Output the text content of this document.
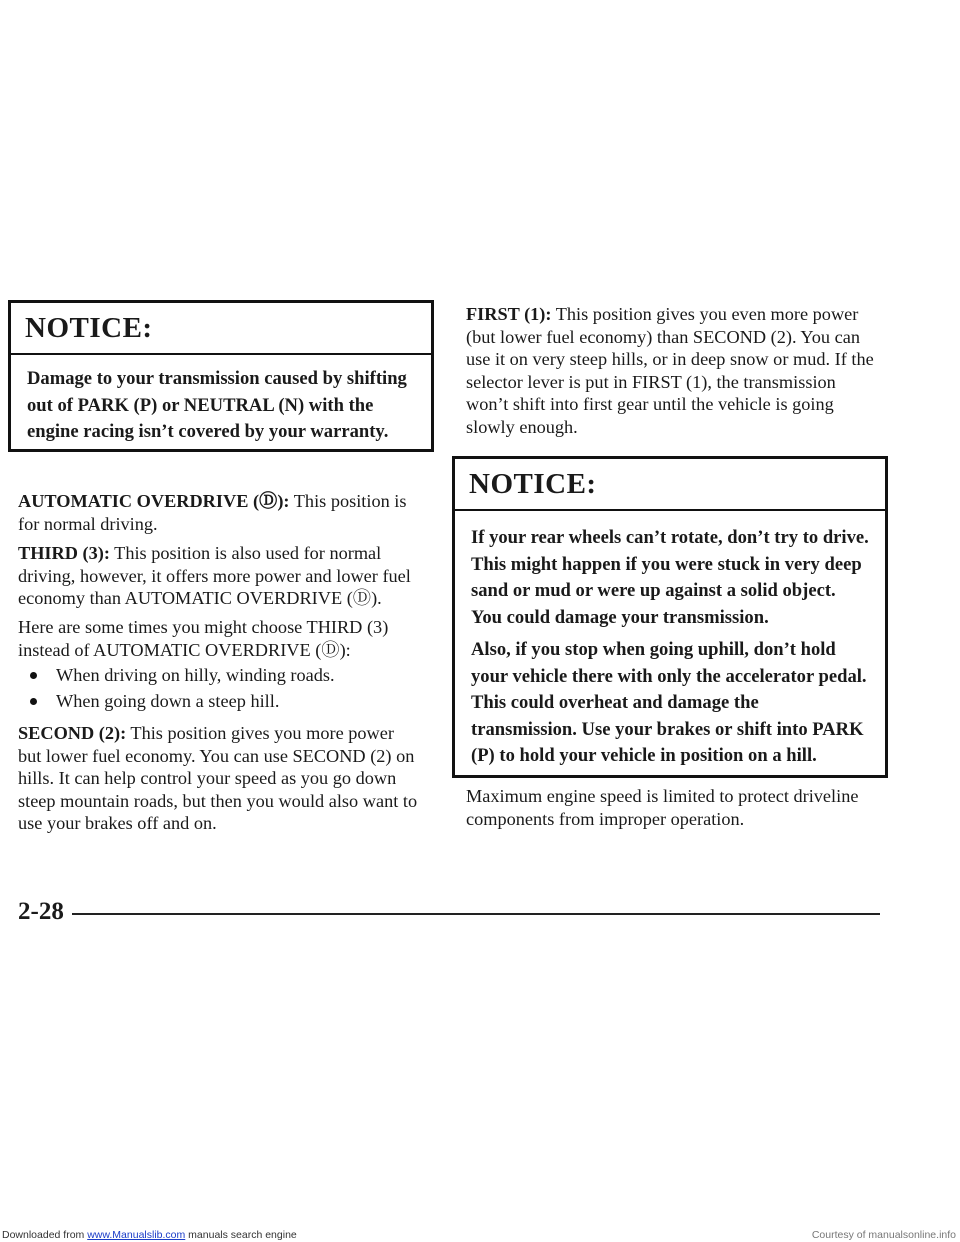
NOTICE:

Damage to your transmission caused by shifting out of PARK (P) or NEUTRAL (N) with the engine racing isn’t covered by your warranty.

AUTOMATIC OVERDRIVE (Ⓓ): This position is for normal driving.

THIRD (3): This position is also used for normal driving, however, it offers more power and lower fuel economy than AUTOMATIC OVERDRIVE (Ⓓ).

Here are some times you might choose THIRD (3) instead of AUTOMATIC OVERDRIVE (Ⓓ):

When driving on hilly, winding roads.
When going down a steep hill.

SECOND (2): This position gives you more power but lower fuel economy. You can use SECOND (2) on hills. It can help control your speed as you go down steep mountain roads, but then you would also want to use your brakes off and on.

FIRST (1): This position gives you even more power (but lower fuel economy) than SECOND (2). You can use it on very steep hills, or in deep snow or mud. If the selector lever is put in FIRST (1), the transmission won’t shift into first gear until the vehicle is going slowly enough.

NOTICE:

If your rear wheels can’t rotate, don’t try to drive. This might happen if you were stuck in very deep sand or mud or were up against a solid object. You could damage your transmission.

Also, if you stop when going uphill, don’t hold your vehicle there with only the accelerator pedal. This could overheat and damage the transmission. Use your brakes or shift into PARK (P) to hold your vehicle in position on a hill.

Maximum engine speed is limited to protect driveline components from improper operation.

2-28
Downloaded from www.Manualslib.com manuals search engine	Courtesy of manualsonline.info
